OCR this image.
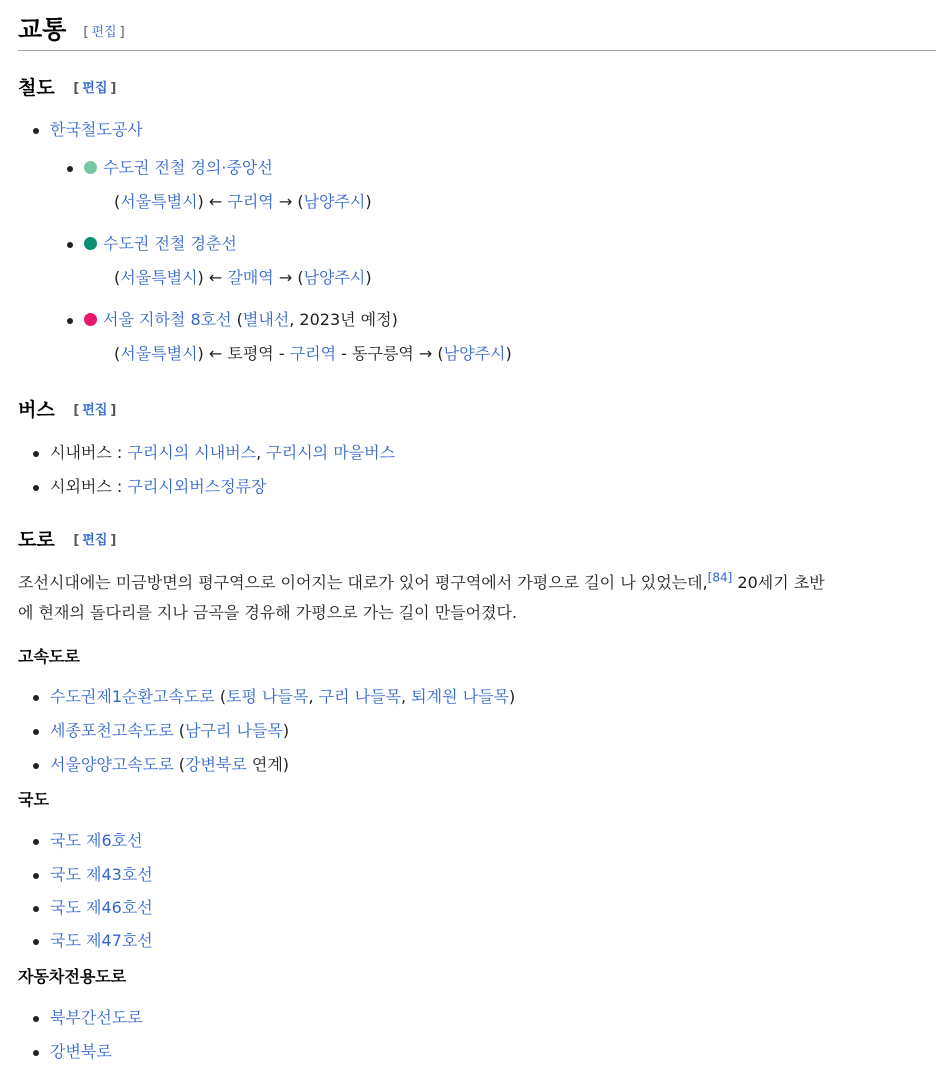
교통 [ 편집 ]
철도 [ 편집 ]
한국철도공사
수도권 전철 경의·중앙선
(서울특별시) ← 구리역 → (남양주시)
수도권 전철 경춘선
(서울특별시) ← 갈매역 → (남양주시)
서울 지하철 8호선 (별내선, 2023년 예정)
(서울특별시) ← 토평역 - 구리역 - 동구릉역 → (남양주시)
버스 [ 편집 ]
시내버스 : 구리시의 시내버스, 구리시의 마을버스
시외버스 : 구리시외버스정류장
도로 [ 편집 ]
조선시대에는 미금방면의 평구역으로 이어지는 대로가 있어 평구역에서 가평으로 길이 나 있었는데,[84] 20세기 초반
에 현재의 돌다리를 지나 금곡을 경유해 가평으로 가는 길이 만들어졌다.
고속도로
수도권제1순환고속도로 (토평 나들목, 구리 나들목, 퇴계원 나들목)
세종포천고속도로 (남구리 나들목)
서울양양고속도로 (강변북로 연계)
국도
국도 제6호선
국도 제43호선
국도 제46호선
국도 제47호선
자동차전용도로
북부간선도로
강변북로
